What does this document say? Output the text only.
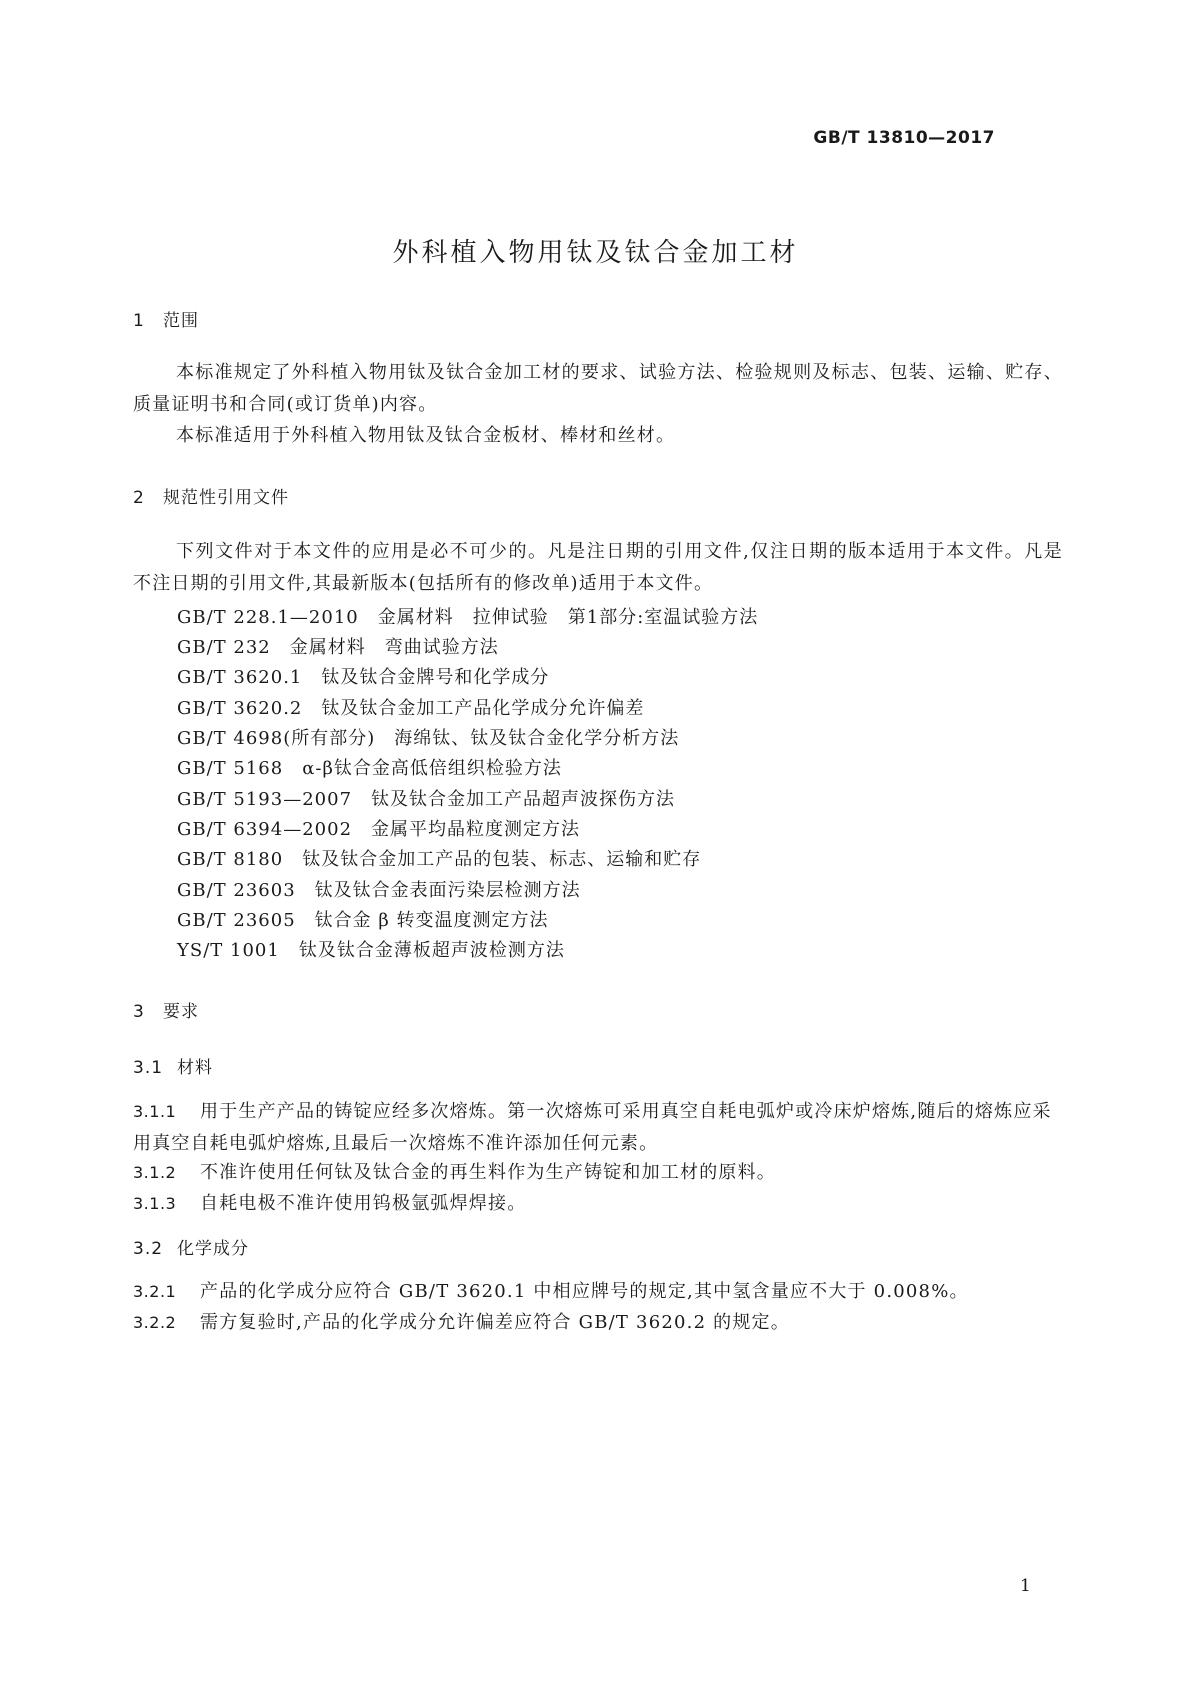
GB/T 13810—2017
外科植入物用钛及钛合金加工材
1 范围
本标准规定了外科植入物用钛及钛合金加工材的要求、试验方法、检验规则及标志、包装、运输、贮存、质量证明书和合同(或订货单)内容。
本标准适用于外科植入物用钛及钛合金板材、棒材和丝材。
2 规范性引用文件
下列文件对于本文件的应用是必不可少的。凡是注日期的引用文件,仅注日期的版本适用于本文件。凡是不注日期的引用文件,其最新版本(包括所有的修改单)适用于本文件。
GB/T 228.1—2010　金属材料　拉伸试验　第1部分:室温试验方法
GB/T 232　金属材料　弯曲试验方法
GB/T 3620.1　钛及钛合金牌号和化学成分
GB/T 3620.2　钛及钛合金加工产品化学成分允许偏差
GB/T 4698(所有部分)　海绵钛、钛及钛合金化学分析方法
GB/T 5168　α-β钛合金高低倍组织检验方法
GB/T 5193—2007　钛及钛合金加工产品超声波探伤方法
GB/T 6394—2002　金属平均晶粒度测定方法
GB/T 8180　钛及钛合金加工产品的包装、标志、运输和贮存
GB/T 23603　钛及钛合金表面污染层检测方法
GB/T 23605　钛合金 β 转变温度测定方法
YS/T 1001　钛及钛合金薄板超声波检测方法
3 要求
3.1 材料
3.1.1 用于生产产品的铸锭应经多次熔炼。第一次熔炼可采用真空自耗电弧炉或冷床炉熔炼,随后的熔炼应采用真空自耗电弧炉熔炼,且最后一次熔炼不准许添加任何元素。
3.1.2 不准许使用任何钛及钛合金的再生料作为生产铸锭和加工材的原料。
3.1.3 自耗电极不准许使用钨极氩弧焊焊接。
3.2 化学成分
3.2.1 产品的化学成分应符合 GB/T 3620.1 中相应牌号的规定,其中氢含量应不大于 0.008%。
3.2.2 需方复验时,产品的化学成分允许偏差应符合 GB/T 3620.2 的规定。
1
